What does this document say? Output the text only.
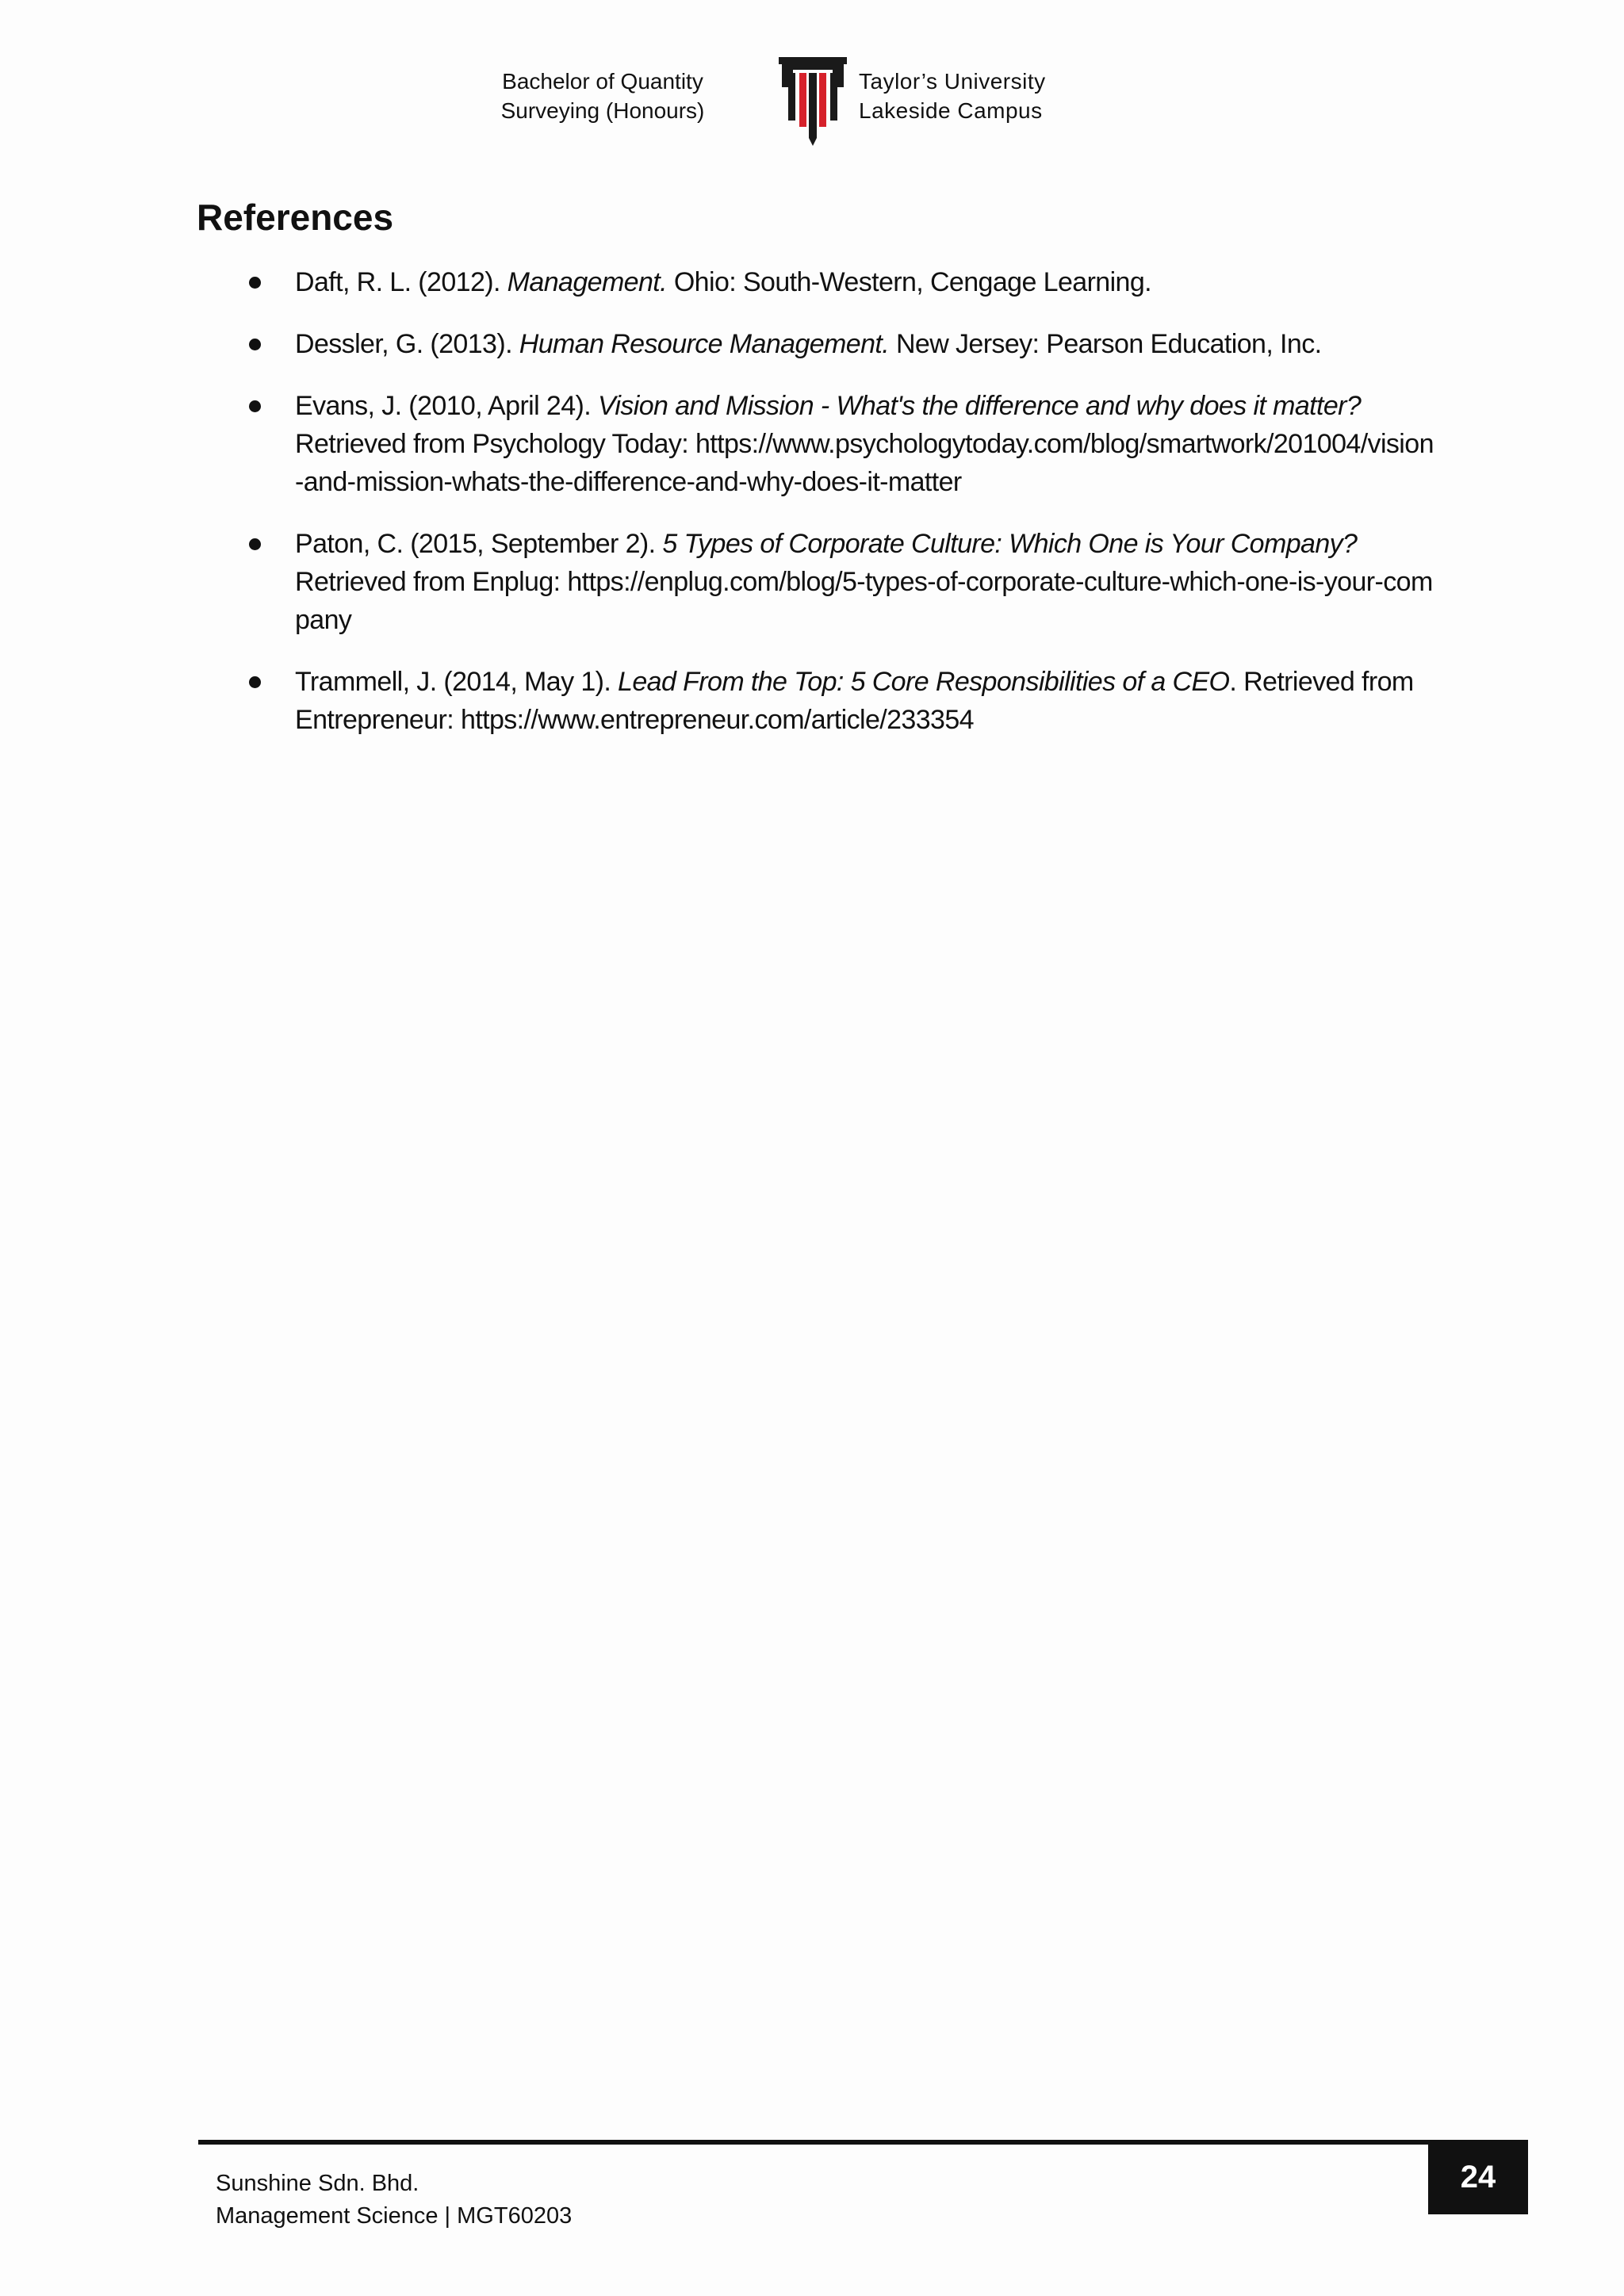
Bachelor of Quantity
Surveying (Honours)
Taylor’s University
Lakeside Campus
References
Daft, R. L. (2012). Management. Ohio: South-Western, Cengage Learning.
Dessler, G. (2013). Human Resource Management. New Jersey: Pearson Education, Inc.
Evans, J. (2010, April 24). Vision and Mission - What's the difference and why does it matter? Retrieved from Psychology Today: https://www.psychologytoday.com/blog/smartwork/201004/vision-and-mission-whats-the-difference-and-why-does-it-matter
Paton, C. (2015, September 2). 5 Types of Corporate Culture: Which One is Your Company? Retrieved from Enplug: https://enplug.com/blog/5-types-of-corporate-culture-which-one-is-your-company
Trammell, J. (2014, May 1). Lead From the Top: 5 Core Responsibilities of a CEO. Retrieved from Entrepreneur: https://www.entrepreneur.com/article/233354
Sunshine Sdn. Bhd.
Management Science | MGT60203
24
